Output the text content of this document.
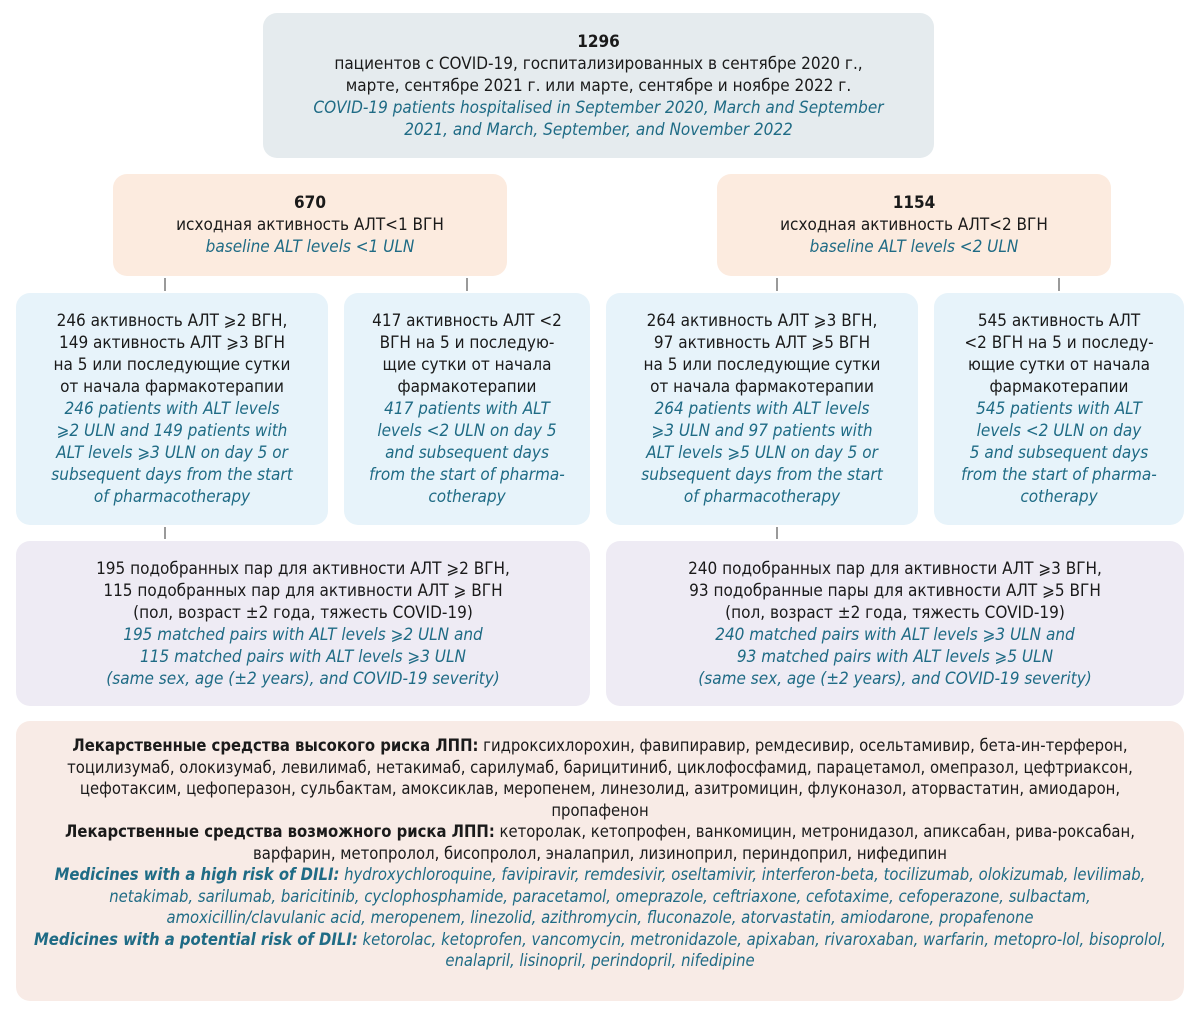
1296
пациентов с COVID-19, госпитализированных в сентябре 2020 г.,
марте, сентябре 2021 г. или марте, сентябре и ноябре 2022 г.
COVID-19 patients hospitalised in September 2020, March and September
2021, and March, September, and November 2022
670
исходная активность АЛТ<1 ВГН
baseline ALT levels <1 ULN
1154
исходная активность АЛТ<2 ВГН
baseline ALT levels <2 ULN
246 активность АЛТ ⩾2 ВГН,
149 активность АЛТ ⩾3 ВГН
на 5 или последующие сутки
от начала фармакотерапии
246 patients with ALT levels
⩾2 ULN and 149 patients with
ALT levels ⩾3 ULN on day 5 or
subsequent days from the start
of pharmacotherapy
417 активность АЛТ <2
ВГН на 5 и последую-
щие сутки от начала
фармакотерапии
417 patients with ALT
levels <2 ULN on day 5
and subsequent days
from the start of pharma-
cotherapy
264 активность АЛТ ⩾3 ВГН,
97 активность АЛТ ⩾5 ВГН
на 5 или последующие сутки
от начала фармакотерапии
264 patients with ALT levels
⩾3 ULN and 97 patients with
ALT levels ⩾5 ULN on day 5 or
subsequent days from the start
of pharmacotherapy
545 активность АЛТ
<2 ВГН на 5 и последу-
ющие сутки от начала
фармакотерапии
545 patients with ALT
levels <2 ULN on day
5 and subsequent days
from the start of pharma-
cotherapy
195 подобранных пар для активности АЛТ ⩾2 ВГН,
115 подобранных пар для активности АЛТ ⩾ ВГН
(пол, возраст ±2 года, тяжесть COVID-19)
195 matched pairs with ALT levels ⩾2 ULN and
115 matched pairs with ALT levels ⩾3 ULN
(same sex, age (±2 years), and COVID-19 severity)
240 подобранных пар для активности АЛТ ⩾3 ВГН,
93 подобранные пары для активности АЛТ ⩾5 ВГН
(пол, возраст ±2 года, тяжесть COVID-19)
240 matched pairs with ALT levels ⩾3 ULN and
93 matched pairs with ALT levels ⩾5 ULN
(same sex, age (±2 years), and COVID-19 severity)
Лекарственные средства высокого риска ЛПП: гидроксихлорохин, фавипиравир, ремдесивир, осельтамивир, бета-ин-терферон, тоцилизумаб, олокизумаб, левилимаб, нетакимаб, сарилумаб, барицитиниб, циклофосфамид, парацетамол, омепразол, цефтриаксон, цефотаксим, цефоперазон, сульбактам, амоксиклав, меропенем, линезолид, азитромицин, флуконазол, аторвастатин, амиодарон, пропафенон
Лекарственные средства возможного риска ЛПП: кеторолак, кетопрофен, ванкомицин, метронидазол, апиксабан, рива-роксабан, варфарин, метопролол, бисопролол, эналаприл, лизиноприл, периндоприл, нифедипин
Medicines with a high risk of DILI: hydroxychloroquine, favipiravir, remdesivir, oseltamivir, interferon-beta, tocilizumab, olokizumab, levilimab, netakimab, sarilumab, baricitinib, cyclophosphamide, paracetamol, omeprazole, ceftriaxone, cefotaxime, cefoperazone, sulbactam, amoxicillin/clavulanic acid, meropenem, linezolid, azithromycin, fluconazole, atorvastatin, amiodarone, propafenone
Medicines with a potential risk of DILI: ketorolac, ketoprofen, vancomycin, metronidazole, apixaban, rivaroxaban, warfarin, metopro-lol, bisoprolol, enalapril, lisinopril, perindopril, nifedipine
